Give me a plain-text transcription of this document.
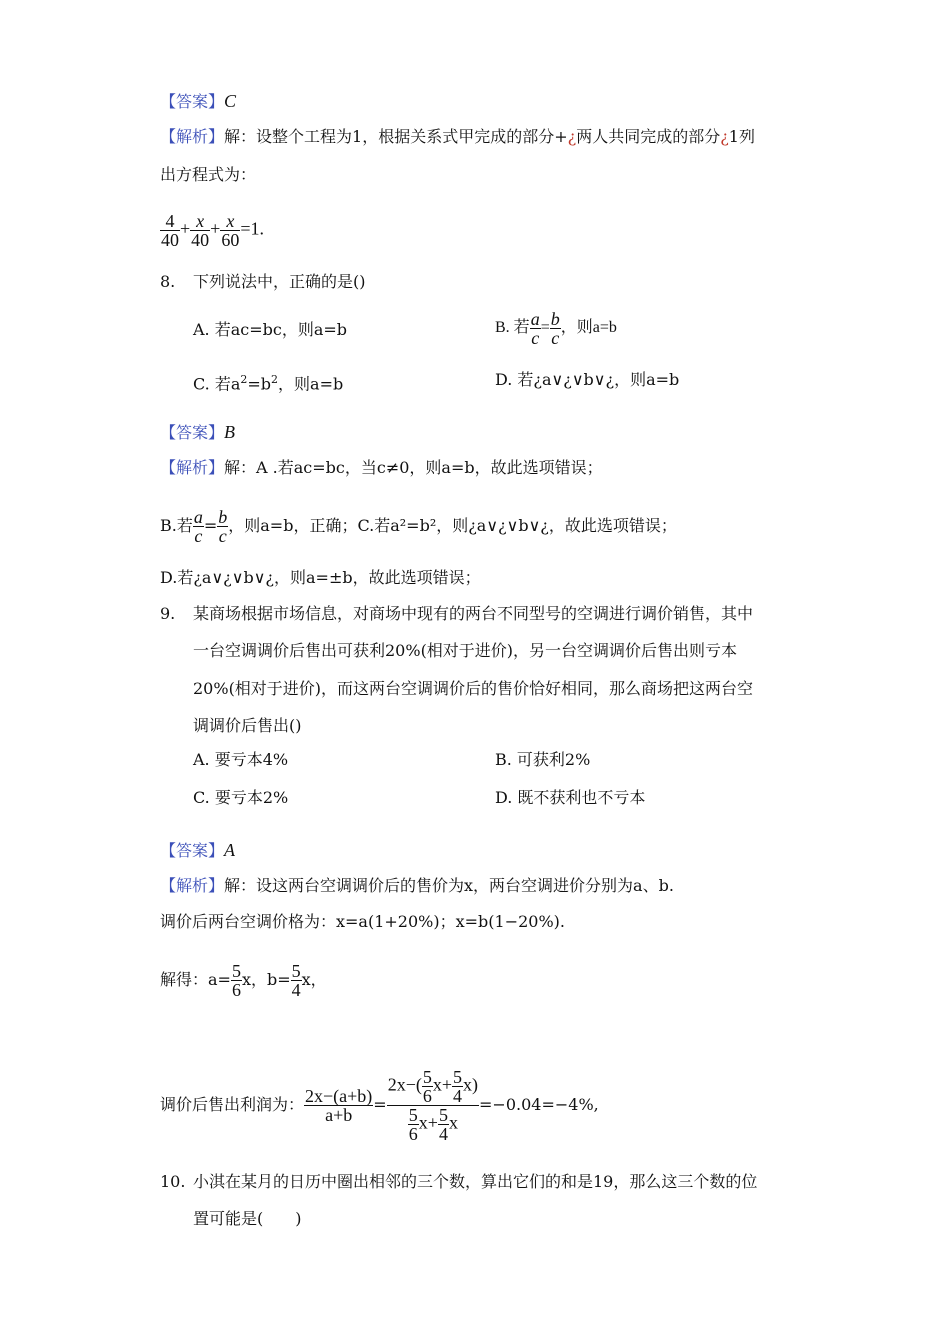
【答案】C
【解析】解：设整个工程为1，根据关系式甲完成的部分+¿两人共同完成的部分¿1列
出方程式为：
$\frac{4}{40} + \frac{x}{40} + \frac{x}{60} =1$.
8. 下列说法中，正确的是()
A. 若ac=bc，则a=b	B. 若 $\frac{a}{c} = \frac{b}{c}$ ，则a=b
C. 若$a^2=b^2$，则a=b	D. 若¿a∨¿∨b∨¿，则a=b
【答案】B
【解析】解：A .若ac=bc，当c≠0，则a=b，故此选项错误；
B.若 $\frac{a}{c} = \frac{b}{c}$ ，则a=b，正确；C.若a²=b²，则¿a∨¿∨b∨¿，故此选项错误；
D.若¿a∨¿∨b∨¿，则a=±b，故此选项错误；
9. 某商场根据市场信息，对商场中现有的两台不同型号的空调进行调价销售，其中
一台空调调价后售出可获利20%(相对于进价)，另一台空调调价后售出则亏本
20%(相对于进价)，而这两台空调调价后的售价恰好相同，那么商场把这两台空
调调价后售出()
A. 要亏本4%	B. 可获利2%
C. 要亏本2%	D. 既不获利也不亏本
【答案】A
【解析】解：设这两台空调调价后的售价为x，两台空调进价分别为a、b.
调价后两台空调价格为：x=a(1+20%)；x=b(1−20%).
解得：$a= \frac{5}{6}$ x，$b= \frac{5}{4}$ x，
调价后售出利润为： $\frac{2x-(a+b)}{a+b} = \frac{2x-( \frac{5}{6} x+ \frac{5}{4} x)}{\frac{5}{6} x+ \frac{5}{4} x} =-0.04=-4\%$,
10. 小淇在某月的日历中圈出相邻的三个数，算出它们的和是19，那么这三个数的位
置可能是(　　)
